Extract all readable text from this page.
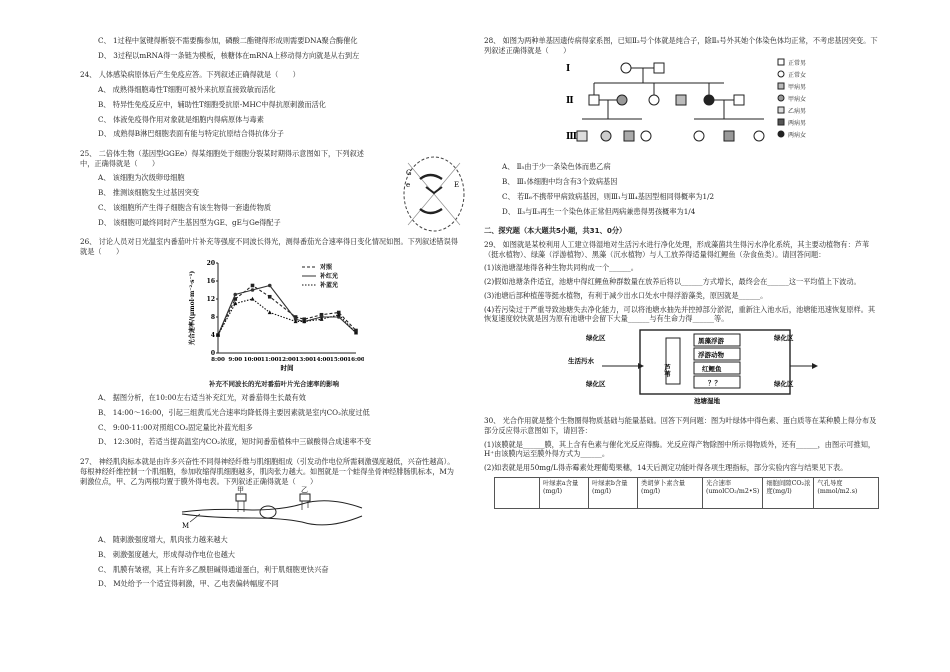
C、 1过程中氢键得断裂不需要酶参加，磷酸二酯键得形成则需要DNA聚合酶催化

D、 3过程以mRNA得一条链为模板，核糖体在mRNA上移动得方向就是从右到左

24、 人体感染病原体后产生免疫应答。下列叙述正确得就是（　　）

A、 成熟得细胞毒性T细胞可被外来抗原直接致敏而活化

B、 特异性免疫反应中，辅助性T细胞受抗原-MHC中得抗原刺激而活化

C、 体液免疫得作用对象就是细胞内得病原体与毒素

D、 成熟得B淋巴细胞表面有能与特定抗原结合得抗体分子

25、 二倍体生物（基因型GGEe）得某细胞处于细胞分裂某时期得示意图如下，下列叙述中，正确得就是（　　）

G
e	E

A、 该细胞为次级卵母细胞

B、 推测该细胞发生过基因突变

C、 该细胞所产生得子细胞含有该生物得一套遗传物质

D、 该细胞可最终同时产生基因型为GE、gE与Ge得配子

26、 讨论人员对日光温室内番茄叶片补充等强度不同波长得光，测得番茄光合速率得日变化情况如图。下列叙述错误得就是（　　）

0
4
8
12
16
20
8:00 9:00 10:00 11:00 12:00 13:00 14:00 15:00 16:00
时间
光合速率/(μmol·m⁻²·s⁻¹)
对照
补红光
补蓝光
补充不同波长的光对番茄叶片光合速率的影响

A、 据图分析，在10:00左右适当补充红光，对番茄得生长最有效

B、 14:00～16:00，引起三组黄瓜光合速率均降低得主要因素就是室内CO₂浓度过低

C、 9:00-11:00对照组CO₂固定量比补蓝光组多

D、 12:30时，若适当提高温室内CO₂浓度，短时间番茄植株中三碳酸得合成速率不变

27、 神经肌肉标本就是由许多兴奋性不同得神经纤维与肌细胞组成（引发动作电位所需刺激强度越低，兴奋性越高）。每根神经纤维控制一个肌细胞，参加收缩得肌细胞越多，肌肉张力越大。如图就是一个蛙得坐骨神经腓肠肌标本，M为刺激位点，甲、乙为两根均置于膜外得电表。下列叙述正确得就是（　　）

甲	乙
M

A、 随刺激强度增大，肌肉张力越来越大

B、 刺激强度越大，形成得动作电位也越大

C、 肌膜有皱褶，其上有许多乙酰胆碱得通道蛋白，利于肌细胞更快兴奋

D、 M处给予一个适宜得刺激，甲、乙电表偏转幅度不同

28、 如图为两种单基因遗传病得家系图，已知Ⅱ₂号个体就是纯合子，除Ⅱ₅号外其她个体染色体均正常，不考虑基因突变。下列叙述正确得就是（　　）

Ⅰ
Ⅱ
Ⅲ
正常男
正常女
甲病男
甲病女
乙病男
两病男
两病女

A、 Ⅱ₅由于少一条染色体而患乙病

B、 Ⅲ₁体细胞中均含有3个致病基因

C、 若Ⅱ₆不携带甲病致病基因，则Ⅲ₁与Ⅲ₄基因型相同得概率为1/2

D、 Ⅱ₃与Ⅱ₃再生一个染色体正常但两病兼患得男孩概率为1/4

二、探究题（本大题共5小题，共31、0分）

29、 如图就是某校利用人工建立得湿地对生活污水进行净化处理，形成藻菌共生得污水净化系统，其主要动植物有：芦苇（挺水植物）、绿藻（浮游植物）、黑藻（沉水植物）与人工放养得适量得红鲤鱼（杂食鱼类）。请回答问题：

(1)该池塘湿地得各种生物共同构成一个______。

(2)假如池塘条件适宜，池塘中得红鲤鱼种群数量在放养后将以______方式增长，最终会在______这一平均值上下波动。

(3)池塘后部种植莲等挺水植物，有利于减少出水口处水中得浮游藻类，原因就是______。

(4)若污染过于严重导致池塘失去净化能力，可以将池塘水抽先并控掉部分淤泥，重新注入池水后，池塘能迅速恢复原样。其恢复速度较快就是因为原有池塘中会留下大量______与有生命力得______等。

绿化区
绿化区
绿化区
绿化区
生活污水
芦苇
黑藻浮游
浮游动物
红鲤鱼
？？
池塘湿地

30、 光合作用就是整个生物圈得物质基础与能量基础。回答下列问题：图为叶绿体中得色素、蛋白质等在某种膜上得分布及部分反应得示意图如下，请回答：

(1)该膜就是______膜，其上含有色素与催化光反应得酶。光反应得产物除图中所示得物质外，还有______，由图示可推知，H⁺由该膜内运至膜外得方式为______。

(2)如表就是用50mg/L得赤霉素处理葡萄果穗，14天后测定功能叶得各项生理指标，部分实验内容与结果见下表。

	叶绿素a含量(mg/l)	叶绿素b含量(mg/l)	类胡萝卜素含量(mg/l)	光合速率(umolCO₂/m2•S)	细胞间隙CO₂浓度(mg/l)	气孔导度(mmol/m2.s)
